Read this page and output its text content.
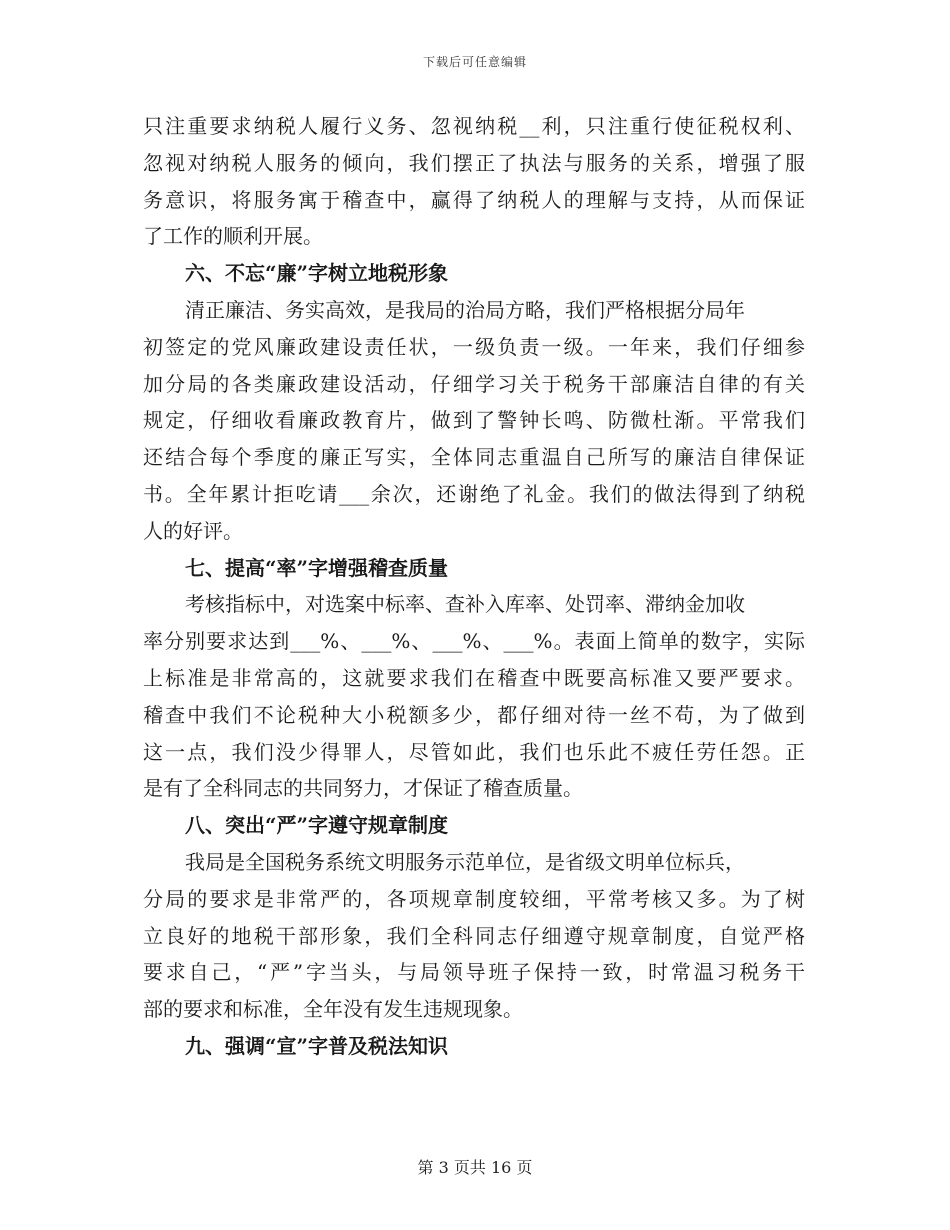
下载后可任意编辑
只注重要求纳税人履行义务、忽视纳税__利，只注重行使征税权利、
忽视对纳税人服务的倾向，我们摆正了执法与服务的关系，增强了服
务意识，将服务寓于稽查中，赢得了纳税人的理解与支持，从而保证
了工作的顺利开展。
六、不忘“廉”字树立地税形象
清正廉洁、务实高效，是我局的治局方略，我们严格根据分局年
初签定的党风廉政建设责任状，一级负责一级。一年来，我们仔细参
加分局的各类廉政建设活动，仔细学习关于税务干部廉洁自律的有关
规定，仔细收看廉政教育片，做到了警钟长鸣、防微杜渐。平常我们
还结合每个季度的廉正写实，全体同志重温自己所写的廉洁自律保证
书。全年累计拒吃请___余次，还谢绝了礼金。我们的做法得到了纳税
人的好评。
七、提高“率”字增强稽查质量
考核指标中，对选案中标率、查补入库率、处罚率、滞纳金加收
率分别要求达到___%、___%、___%、___%。表面上简单的数字，实际
上标准是非常高的，这就要求我们在稽查中既要高标准又要严要求。
稽查中我们不论税种大小税额多少，都仔细对待一丝不苟，为了做到
这一点，我们没少得罪人，尽管如此，我们也乐此不疲任劳任怨。正
是有了全科同志的共同努力，才保证了稽查质量。
八、突出“严”字遵守规章制度
我局是全国税务系统文明服务示范单位，是省级文明单位标兵，
分局的要求是非常严的，各项规章制度较细，平常考核又多。为了树
立良好的地税干部形象，我们全科同志仔细遵守规章制度，自觉严格
要求自己，“严”字当头，与局领导班子保持一致，时常温习税务干
部的要求和标准，全年没有发生违规现象。
九、强调“宣”字普及税法知识
第 3 页共 16 页
